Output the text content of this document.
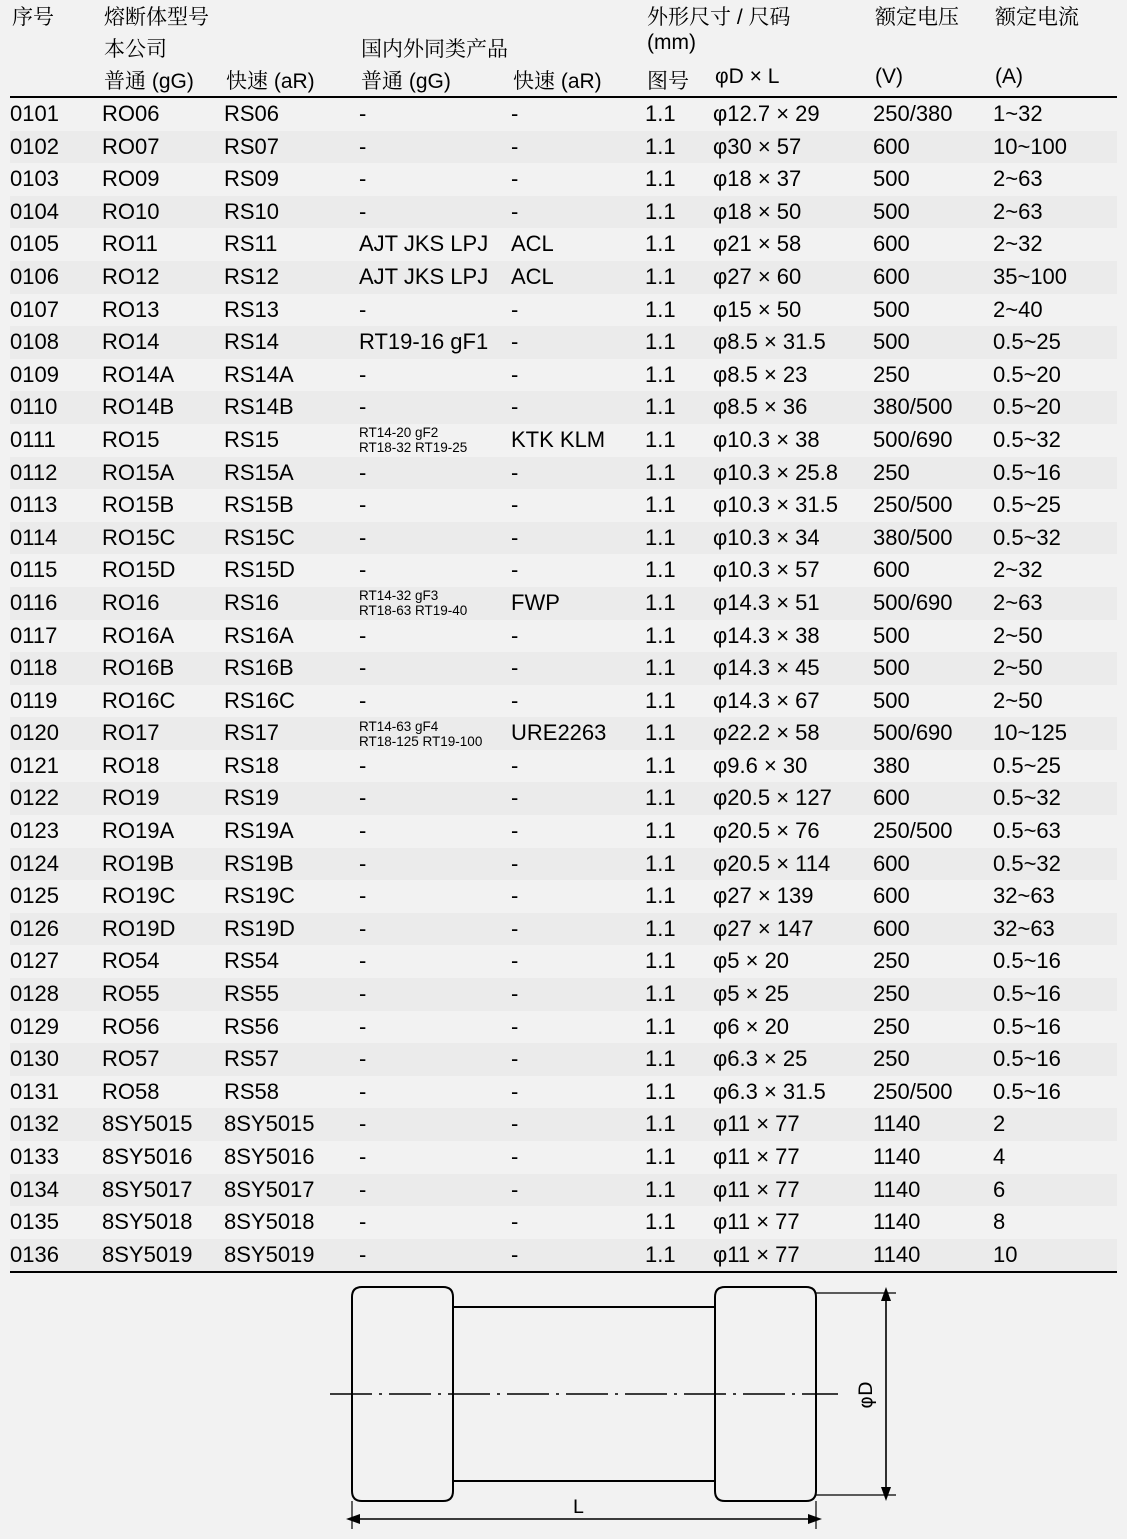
序号	熔断体型号				外形尺寸 / 尺码
(mm)		额定电压	额定电流
	本公司		国内外同类产品					
	普通 (gG)	快速 (aR)	普通 (gG)	快速 (aR)	图号	φD × L	(V)	(A)
0101	RO06	RS06	-	-	1.1	φ12.7 × 29	250/380	1~32
0102	RO07	RS07	-	-	1.1	φ30 × 57	600	10~100
0103	RO09	RS09	-	-	1.1	φ18 × 37	500	2~63
0104	RO10	RS10	-	-	1.1	φ18 × 50	500	2~63
0105	RO11	RS11	AJT JKS LPJ	ACL	1.1	φ21 × 58	600	2~32
0106	RO12	RS12	AJT JKS LPJ	ACL	1.1	φ27 × 60	600	35~100
0107	RO13	RS13	-	-	1.1	φ15 × 50	500	2~40
0108	RO14	RS14	RT19-16 gF1	-	1.1	φ8.5 × 31.5	500	0.5~25
0109	RO14A	RS14A	-	-	1.1	φ8.5 × 23	250	0.5~20
0110	RO14B	RS14B	-	-	1.1	φ8.5 × 36	380/500	0.5~20
0111	RO15	RS15	RT14-20 gF2
RT18-32 RT19-25	KTK KLM	1.1	φ10.3 × 38	500/690	0.5~32
0112	RO15A	RS15A	-	-	1.1	φ10.3 × 25.8	250	0.5~16
0113	RO15B	RS15B	-	-	1.1	φ10.3 × 31.5	250/500	0.5~25
0114	RO15C	RS15C	-	-	1.1	φ10.3 × 34	380/500	0.5~32
0115	RO15D	RS15D	-	-	1.1	φ10.3 × 57	600	2~32
0116	RO16	RS16	RT14-32 gF3
RT18-63 RT19-40	FWP	1.1	φ14.3 × 51	500/690	2~63
0117	RO16A	RS16A	-	-	1.1	φ14.3 × 38	500	2~50
0118	RO16B	RS16B	-	-	1.1	φ14.3 × 45	500	2~50
0119	RO16C	RS16C	-	-	1.1	φ14.3 × 67	500	2~50
0120	RO17	RS17	RT14-63 gF4
RT18-125 RT19-100	URE2263	1.1	φ22.2 × 58	500/690	10~125
0121	RO18	RS18	-	-	1.1	φ9.6 × 30	380	0.5~25
0122	RO19	RS19	-	-	1.1	φ20.5 × 127	600	0.5~32
0123	RO19A	RS19A	-	-	1.1	φ20.5 × 76	250/500	0.5~63
0124	RO19B	RS19B	-	-	1.1	φ20.5 × 114	600	0.5~32
0125	RO19C	RS19C	-	-	1.1	φ27 × 139	600	32~63
0126	RO19D	RS19D	-	-	1.1	φ27 × 147	600	32~63
0127	RO54	RS54	-	-	1.1	φ5 × 20	250	0.5~16
0128	RO55	RS55	-	-	1.1	φ5 × 25	250	0.5~16
0129	RO56	RS56	-	-	1.1	φ6 × 20	250	0.5~16
0130	RO57	RS57	-	-	1.1	φ6.3 × 25	250	0.5~16
0131	RO58	RS58	-	-	1.1	φ6.3 × 31.5	250/500	0.5~16
0132	8SY5015	8SY5015	-	-	1.1	φ11 × 77	1140	2
0133	8SY5016	8SY5016	-	-	1.1	φ11 × 77	1140	4
0134	8SY5017	8SY5017	-	-	1.1	φ11 × 77	1140	6
0135	8SY5018	8SY5018	-	-	1.1	φ11 × 77	1140	8
0136	8SY5019	8SY5019	-	-	1.1	φ11 × 77	1140	10
φD
L
